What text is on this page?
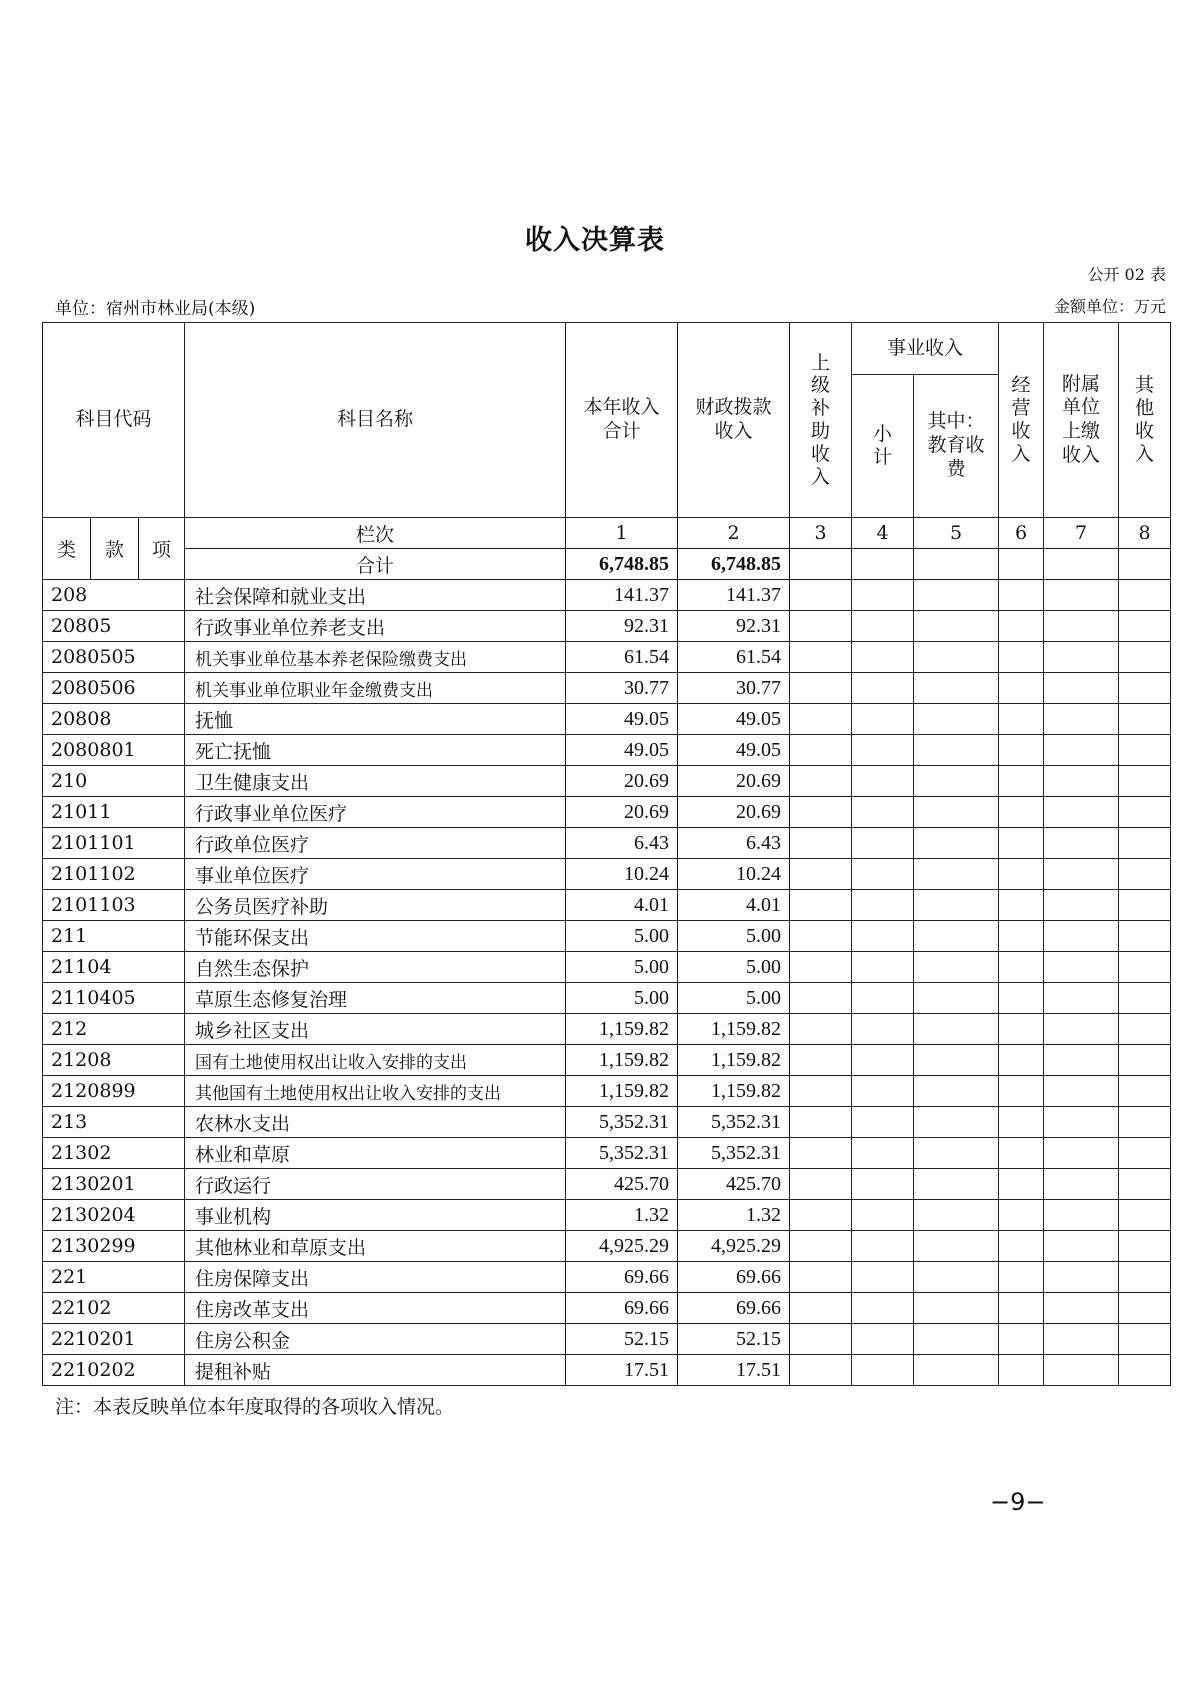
收入决算表
公开 02 表
单位：宿州市林业局(本级)	金额单位：万元
科目代码			科目名称	本年收入合计	财政拨款收入	上级补助收入	事业收入		经营收入	附属单位上缴收入	其他收入
							小计	其中：教育收费			

类	款	项	栏次	1	2	3	4	5	6	7	8
			合计	6,748.85	6,748.85						
208			社会保障和就业支出	141.37	141.37						
20805			行政事业单位养老支出	92.31	92.31						
2080505			机关事业单位基本养老保险缴费支出	61.54	61.54						
2080506			机关事业单位职业年金缴费支出	30.77	30.77						
20808			抚恤	49.05	49.05						
2080801			死亡抚恤	49.05	49.05						
210			卫生健康支出	20.69	20.69						
21011			行政事业单位医疗	20.69	20.69						
2101101			行政单位医疗	6.43	6.43						
2101102			事业单位医疗	10.24	10.24						
2101103			公务员医疗补助	4.01	4.01						
211			节能环保支出	5.00	5.00						
21104			自然生态保护	5.00	5.00						
2110405			草原生态修复治理	5.00	5.00						
212			城乡社区支出	1,159.82	1,159.82						
21208			国有土地使用权出让收入安排的支出	1,159.82	1,159.82						
2120899			其他国有土地使用权出让收入安排的支出	1,159.82	1,159.82						
213			农林水支出	5,352.31	5,352.31						
21302			林业和草原	5,352.31	5,352.31						
2130201			行政运行	425.70	425.70						
2130204			事业机构	1.32	1.32						
2130299			其他林业和草原支出	4,925.29	4,925.29						
221			住房保障支出	69.66	69.66						
22102			住房改革支出	69.66	69.66						
2210201			住房公积金	52.15	52.15						
2210202			提租补贴	17.51	17.51						
注：本表反映单位本年度取得的各项收入情况。
−9−
